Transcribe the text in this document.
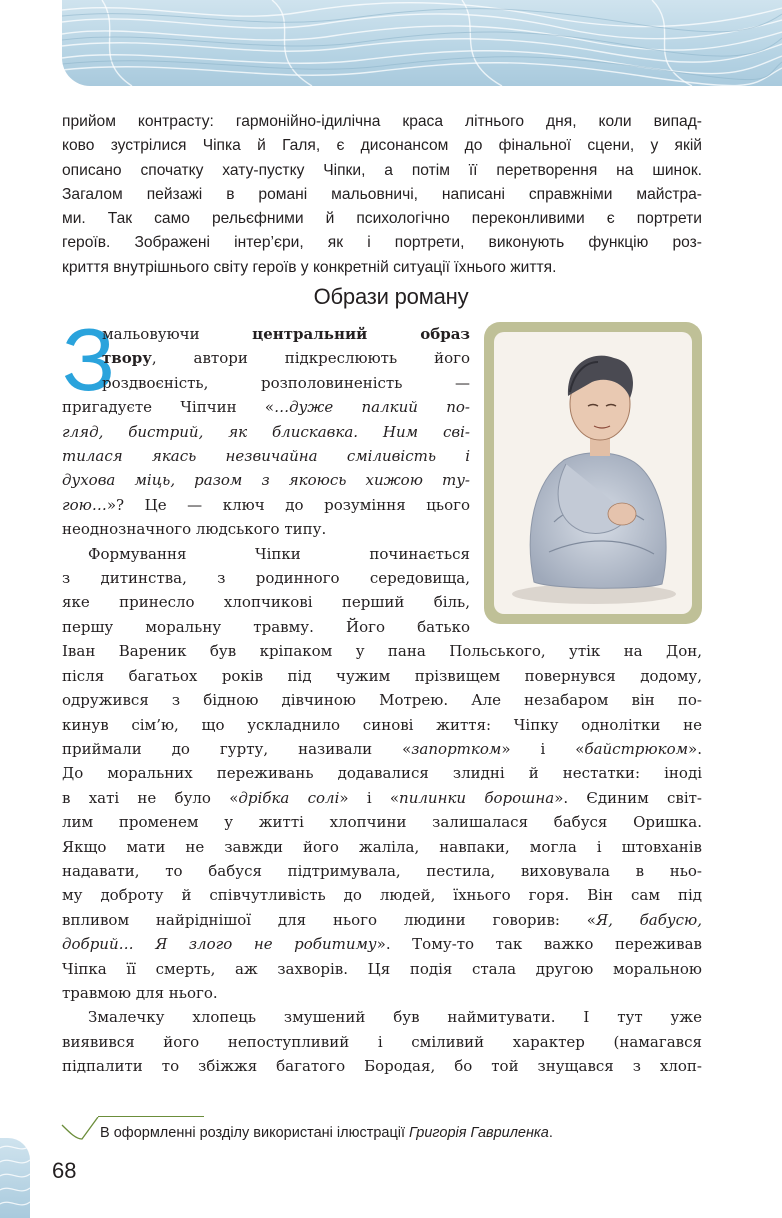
прийом контрасту: гармонійно-ідилічна краса літнього дня, коли випад-
ково зустрілися Чіпка й Галя, є дисонансом до фінальної сцени, у якій
описано спочатку хату-пустку Чіпки, а потім її перетворення на шинок.
Загалом пейзажі в романі мальовничі, написані справжніми майстра-
ми. Так само рельєфними й психологічно переконливими є портрети
героїв. Зображені інтер’єри, як і портрети, виконують функцію роз-
криття внутрішнього світу героїв у конкретній ситуації їхнього життя.
Образи роману
З
мальовуючи	центральний образ
твору, автори підкреслюють його
роздвоєність, розполовиненість —
пригадуєте Чіпчин «…дуже палкий по-
гляд, бистрий, як блискавка. Ним сві-
тилася якась незвичайна сміливість і
духова міць, разом з якоюсь хижою ту-
гою…»? Це — ключ до розуміння цього
неоднозначного людського типу.
Формування Чіпки починається
з дитинства, з родинного середовища,
яке принесло хлопчикові перший біль,
першу моральну травму. Його батько
Іван Вареник був кріпаком у пана Польського, утік на Дон,
після багатьох років під чужим прізвищем повернувся додому,
одружився з бідною дівчиною Мотрею. Але незабаром він по-
кинув сім’ю, що ускладнило синові життя: Чіпку однолітки не
приймали до гурту, називали «запортком» і «байстрюком».
До моральних переживань додавалися злидні й нестатки: іноді
в хаті не було «дрібка солі» і «пилинки борошна». Єдиним світ-
лим променем у житті хлопчини залишалася бабуся Оришка.
Якщо мати не завжди його жаліла, навпаки, могла і штовханів
надавати, то бабуся підтримувала, пестила, виховувала в ньо-
му доброту й співчутливість до людей, їхнього горя. Він сам під
впливом найріднішої для нього людини говорив: «Я, бабусю,
добрий… Я злого не робитиму». Тому-то так важко переживав
Чіпка її смерть, аж захворів. Ця подія стала другою моральною
травмою для нього.
Змалечку хлопець змушений був наймитувати. І тут уже
виявився його непоступливий і сміливий характер (намагався
підпалити то збіжжя багатого Бородая, бо той знущався з хлоп-
В оформленні розділу використані ілюстрації Григорія Гавриленка.
68
